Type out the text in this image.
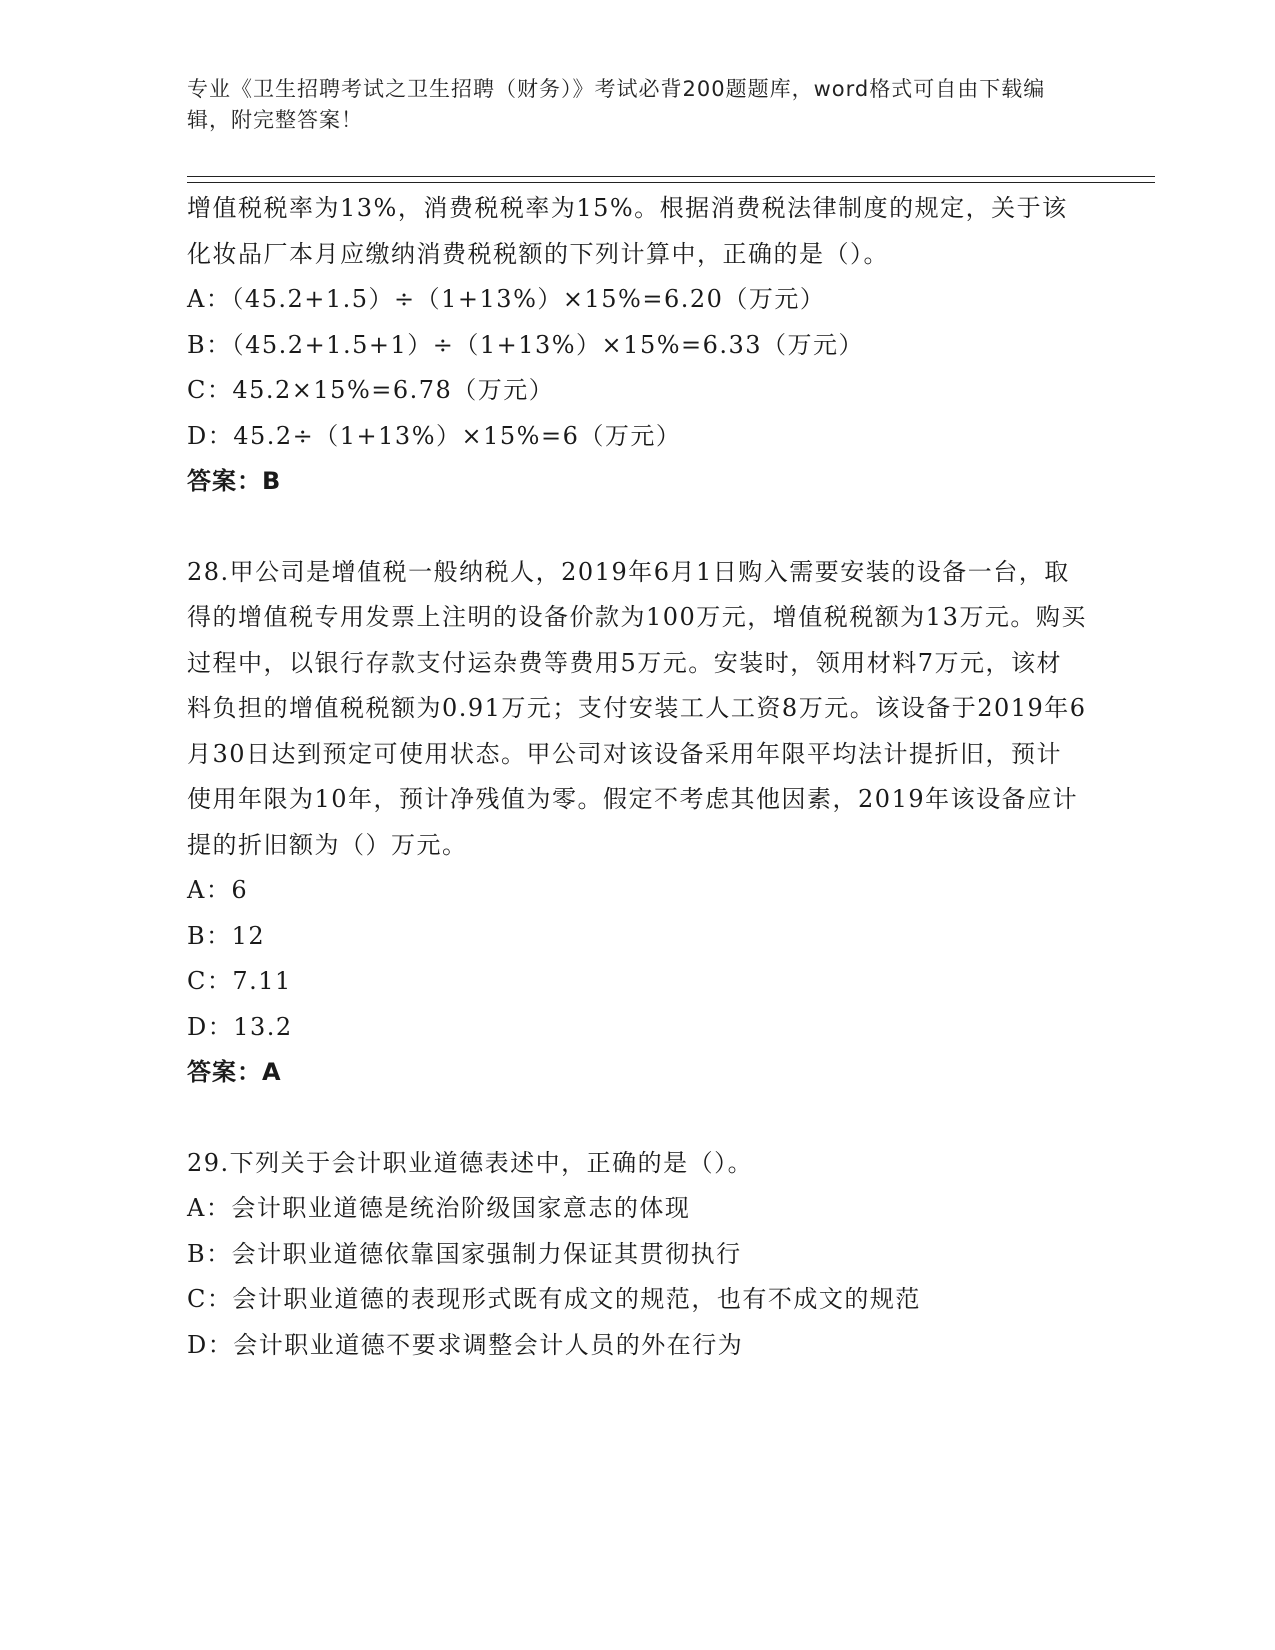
专业《卫生招聘考试之卫生招聘（财务）》考试必背200题题库，word格式可自由下载编辑，附完整答案！

增值税税率为13%，消费税税率为15%。根据消费税法律制度的规定，关于该化妆品厂本月应缴纳消费税税额的下列计算中，正确的是（）。

A：（45.2+1.5）÷（1+13%）×15%=6.20（万元）

B：（45.2+1.5+1）÷（1+13%）×15%=6.33（万元）

C：45.2×15%=6.78（万元）

D：45.2÷（1+13%）×15%=6（万元）

答案：B

28.甲公司是增值税一般纳税人，2019年6月1日购入需要安装的设备一台，取得的增值税专用发票上注明的设备价款为100万元，增值税税额为13万元。购买过程中，以银行存款支付运杂费等费用5万元。安装时，领用材料7万元，该材料负担的增值税税额为0.91万元；支付安装工人工资8万元。该设备于2019年6月30日达到预定可使用状态。甲公司对该设备采用年限平均法计提折旧，预计使用年限为10年，预计净残值为零。假定不考虑其他因素，2019年该设备应计提的折旧额为（）万元。

A：6

B：12

C：7.11

D：13.2

答案：A

29.下列关于会计职业道德表述中，正确的是（）。

A：会计职业道德是统治阶级国家意志的体现

B：会计职业道德依靠国家强制力保证其贯彻执行

C：会计职业道德的表现形式既有成文的规范，也有不成文的规范

D：会计职业道德不要求调整会计人员的外在行为
